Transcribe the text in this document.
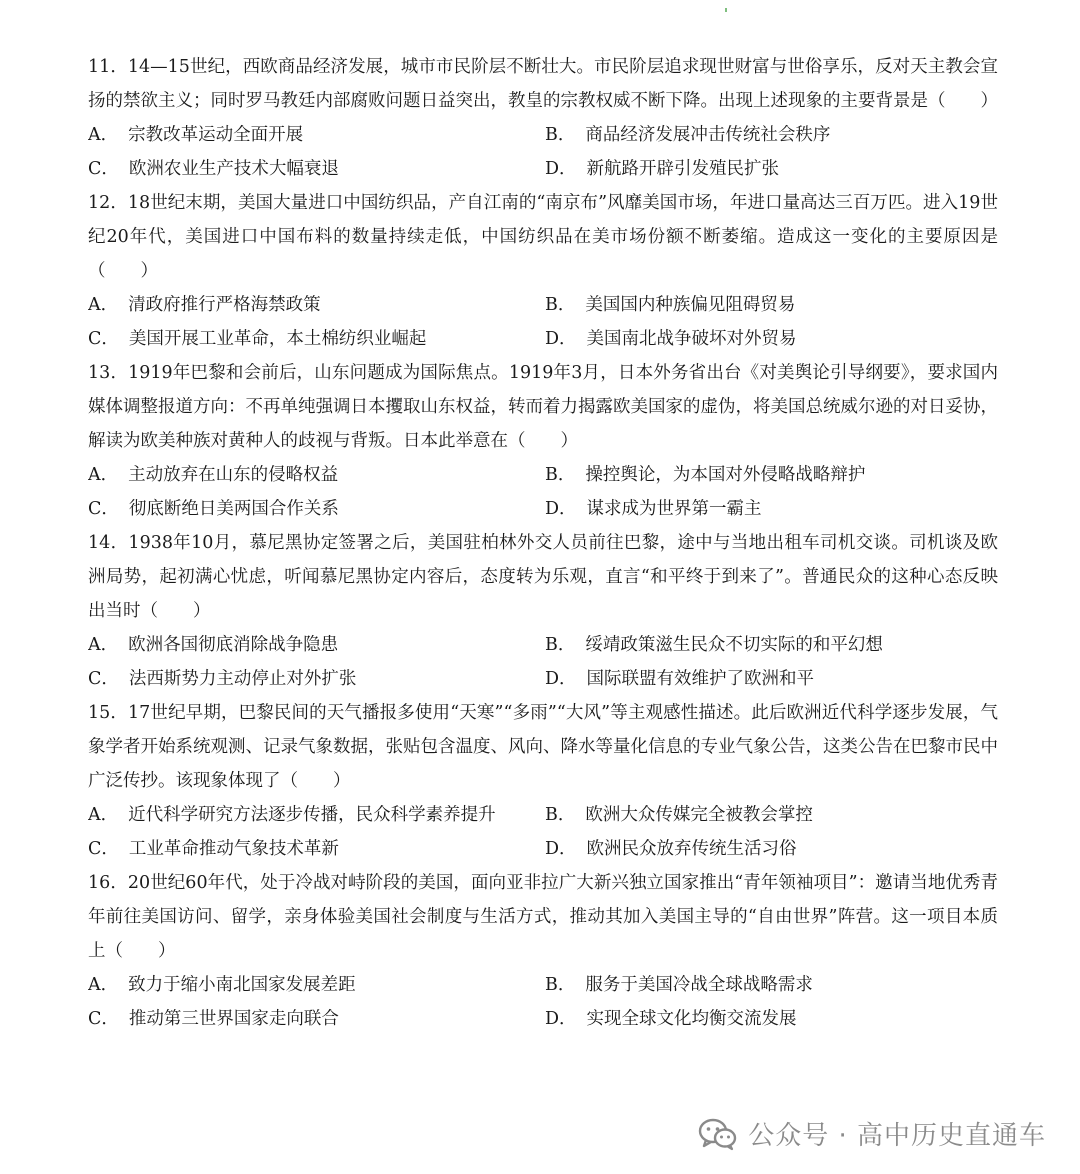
11．14—15世纪，西欧商品经济发展，城市市民阶层不断壮大。市民阶层追求现世财富与世俗享乐，反对天主教会宣扬的禁欲主义；同时罗马教廷内部腐败问题日益突出，教皇的宗教权威不断下降。出现上述现象的主要背景是（　　）

A． 宗教改革运动全面开展	B． 商品经济发展冲击传统社会秩序
C． 欧洲农业生产技术大幅衰退	D． 新航路开辟引发殖民扩张

12．18世纪末期，美国大量进口中国纺织品，产自江南的“南京布”风靡美国市场，年进口量高达三百万匹。进入19世纪20年代，美国进口中国布料的数量持续走低，中国纺织品在美市场份额不断萎缩。造成这一变化的主要原因是（　　）

A． 清政府推行严格海禁政策	B． 美国国内种族偏见阻碍贸易
C． 美国开展工业革命，本土棉纺织业崛起	D． 美国南北战争破坏对外贸易

13．1919年巴黎和会前后，山东问题成为国际焦点。1919年3月，日本外务省出台《对美舆论引导纲要》，要求国内媒体调整报道方向：不再单纯强调日本攫取山东权益，转而着力揭露欧美国家的虚伪，将美国总统威尔逊的对日妥协，解读为欧美种族对黄种人的歧视与背叛。日本此举意在（　　）

A． 主动放弃在山东的侵略权益	B． 操控舆论，为本国对外侵略战略辩护
C． 彻底断绝日美两国合作关系	D． 谋求成为世界第一霸主

14．1938年10月，慕尼黑协定签署之后，美国驻柏林外交人员前往巴黎，途中与当地出租车司机交谈。司机谈及欧洲局势，起初满心忧虑，听闻慕尼黑协定内容后，态度转为乐观，直言“和平终于到来了”。普通民众的这种心态反映出当时（　　）

A． 欧洲各国彻底消除战争隐患	B． 绥靖政策滋生民众不切实际的和平幻想
C． 法西斯势力主动停止对外扩张	D． 国际联盟有效维护了欧洲和平

15．17世纪早期，巴黎民间的天气播报多使用“天寒”“多雨”“大风”等主观感性描述。此后欧洲近代科学逐步发展，气象学者开始系统观测、记录气象数据，张贴包含温度、风向、降水等量化信息的专业气象公告，这类公告在巴黎市民中广泛传抄。该现象体现了（　　）

A． 近代科学研究方法逐步传播，民众科学素养提升	B． 欧洲大众传媒完全被教会掌控
C． 工业革命推动气象技术革新	D． 欧洲民众放弃传统生活习俗

16．20世纪60年代，处于冷战对峙阶段的美国，面向亚非拉广大新兴独立国家推出“青年领袖项目”：邀请当地优秀青年前往美国访问、留学，亲身体验美国社会制度与生活方式，推动其加入美国主导的“自由世界”阵营。这一项目本质上（　　）

A． 致力于缩小南北国家发展差距	B． 服务于美国冷战全球战略需求
C． 推动第三世界国家走向联合	D． 实现全球文化均衡交流发展
公众号 · 高中历史直通车
